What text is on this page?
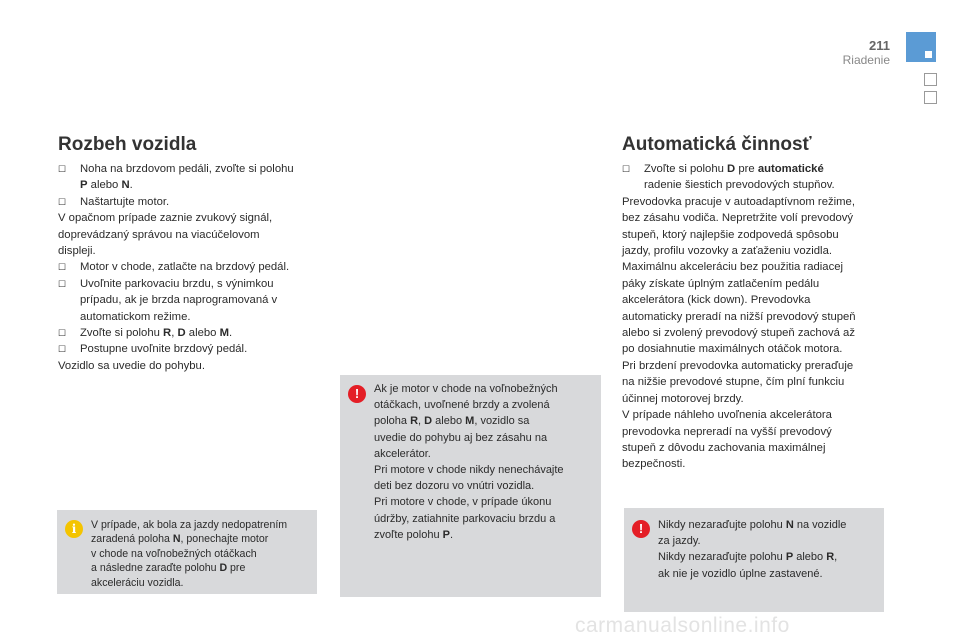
211
Riadenie
Rozbeh vozidla
☐	Noha na brzdovom pedáli, zvoľte si polohu
P alebo N.
☐	Naštartujte motor.
V opačnom prípade zaznie zvukový signál,
doprevádzaný správou na viacúčelovom
displeji.
☐	Motor v chode, zatlačte na brzdový pedál.
☐	Uvoľnite parkovaciu brzdu, s výnimkou
prípadu, ak je brzda naprogramovaná v
automatickom režime.
☐	Zvoľte si polohu R, D alebo M.
☐	Postupne uvoľnite brzdový pedál.
Vozidlo sa uvedie do pohybu.
Automatická činnosť
☐	Zvoľte si polohu D pre automatické
radenie šiestich prevodových stupňov.
Prevodovka pracuje v autoadaptívnom režime,
bez zásahu vodiča. Nepretržite volí prevodový
stupeň, ktorý najlepšie zodpovedá spôsobu
jazdy, profilu vozovky a zaťaženiu vozidla.
Maximálnu akceleráciu bez použitia radiacej
páky získate úplným zatlačením pedálu
akcelerátora (kick down). Prevodovka
automaticky preradí na nižší prevodový stupeň
alebo si zvolený prevodový stupeň zachová až
po dosiahnutie maximálnych otáčok motora.
Pri brzdení prevodovka automaticky preraďuje
na nižšie prevodové stupne, čím plní funkciu
účinnej motorovej brzdy.
V prípade náhleho uvoľnenia akcelerátora
prevodovka nepreradí na vyšší prevodový
stupeň z dôvodu zachovania maximálnej
bezpečnosti.
i	V prípade, ak bola za jazdy nedopatrením
zaradená poloha N, ponechajte motor
v chode na voľnobežných otáčkach
a následne zaraďte polohu D pre
akceleráciu vozidla.
!	Ak je motor v chode na voľnobežných
otáčkach, uvoľnené brzdy a zvolená
poloha R, D alebo M, vozidlo sa
uvedie do pohybu aj bez zásahu na
akcelerátor.
Pri motore v chode nikdy nenechávajte
deti bez dozoru vo vnútri vozidla.
Pri motore v chode, v prípade úkonu
údržby, zatiahnite parkovaciu brzdu a
zvoľte polohu P.	!	Nikdy nezaraďujte polohu N na vozidle
za jazdy.
Nikdy nezaraďujte polohu P alebo R,
ak nie je vozidlo úplne zastavené.
carmanualsonline.info
